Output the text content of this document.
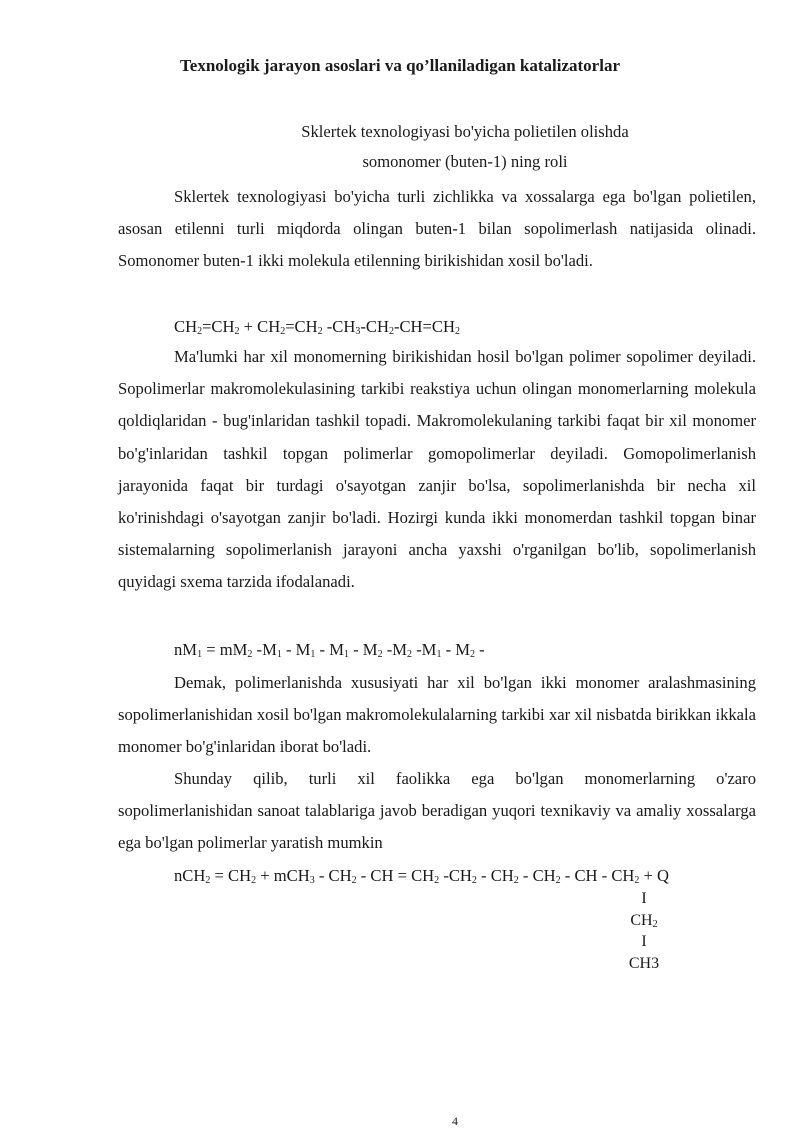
Texnologik jarayon asoslari va qo’llaniladigan katalizatorlar
Sklertek texnologiyasi bo'yicha polietilen olishda
somonomer (buten-1) ning roli

Sklertek texnologiyasi bo'yicha turli zichlikka va xossalarga ega bo'lgan polietilen, asosan etilenni turli miqdorda olingan buten-1 bilan sopolimerlash natijasida olinadi. Somonomer buten-1 ikki molekula etilenning birikishidan xosil bo'ladi.

$CH_2=CH_2 + CH_2=CH_2$ $-CH_3-CH_2-CH=CH_2$

Ma'lumki har xil monomerning birikishidan hosil bo'lgan polimer sopolimer deyiladi. Sopolimerlar makromolekulasining tarkibi reakstiya uchun olingan monomerlarning molekula qoldiqlaridan - bug'inlaridan tashkil topadi. Makromolekulaning tarkibi faqat bir xil monomer bo'g'inlaridan tashkil topgan polimerlar gomopolimerlar deyiladi. Gomopolimerlanish jarayonida faqat bir turdagi o'sayotgan zanjir bo'lsa, sopolimerlanishda bir necha xil ko'rinishdagi o'sayotgan zanjir bo'ladi. Hozirgi kunda ikki monomerdan tashkil topgan binar sistemalarning sopolimerlanish jarayoni ancha yaxshi o'rganilgan bo'lib, sopolimerlanish quyidagi sxema tarzida ifodalanadi.

$nM_1 = mM_2$ $-M_1 - M_1 - M_1 - M_2$ $-M_2$ $-M_1 - M_2$ -

Demak, polimerlanishda xususiyati har xil bo'lgan ikki monomer aralashmasining sopolimerlanishidan xosil bo'lgan makromolekulalarning tarkibi xar xil nisbatda birikkan ikkala monomer bo'g'inlaridan iborat bo'ladi.

Shunday qilib, turli xil faolikka ega bo'lgan monomerlarning o'zaro sopolimerlanishidan sanoat talablariga javob beradigan yuqori texnikaviy va amaliy xossalarga ega bo'lgan polimerlar yaratish mumkin

$nCH_2 = CH_2 + mCH_3 - CH_2$ - CH = $CH_2$ $-CH_2 - CH_2 - CH_2$ - CH - $CH_2 + Q$
I
$CH_2$
I
CH3
4
